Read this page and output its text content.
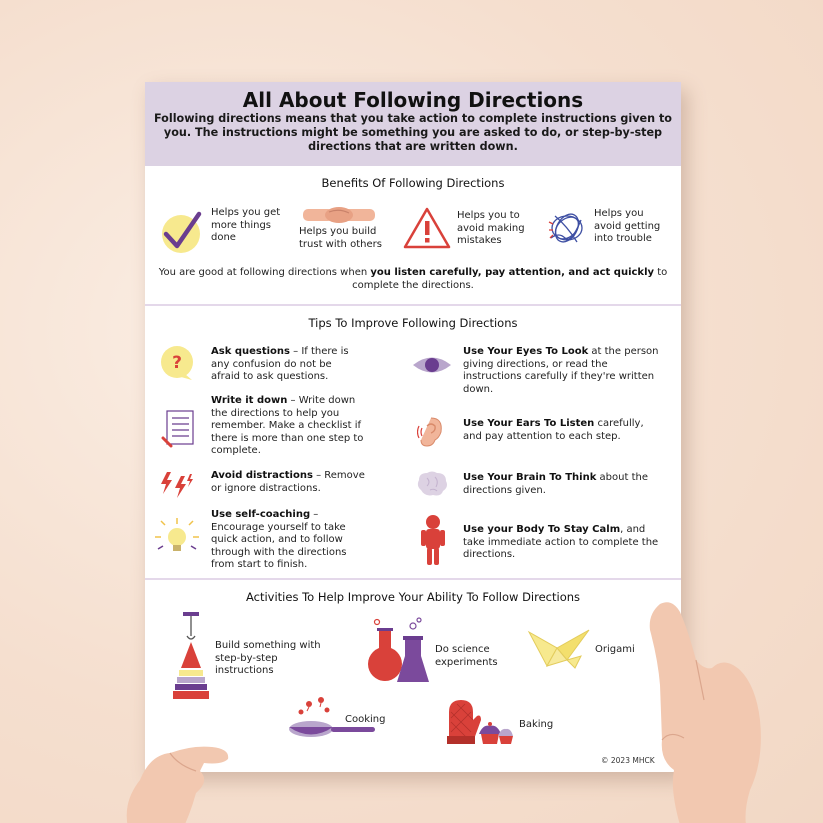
All About Following Directions
Following directions means that you take action to complete instructions given to you. The instructions might be something you are asked to do, or step-by-step directions that are written down.
Benefits Of Following Directions
Helps you get more things done
Helps you build trust with others
Helps you to avoid making mistakes
Helps you avoid getting into trouble
You are good at following directions when you listen carefully, pay attention, and act quickly to complete the directions.
Tips To Improve Following Directions
?
Ask questions – If there is any confusion do not be afraid to ask questions.
Write it down – Write down the directions to help you remember. Make a checklist if there is more than one step to complete.
Avoid distractions – Remove or ignore distractions.
Use self-coaching – Encourage yourself to take quick action, and to follow through with the directions from start to finish.
Use Your Eyes To Look at the person giving directions, or read the instructions carefully if they're written down.
Use Your Ears To Listen carefully, and pay attention to each step.
Use Your Brain To Think about the directions given.
Use your Body To Stay Calm, and take immediate action to complete the directions.
Activities To Help Improve Your Ability To Follow Directions
Build something with step-by-step instructions
Do science experiments
Origami
Cooking	Baking
© 2023 MHCK
